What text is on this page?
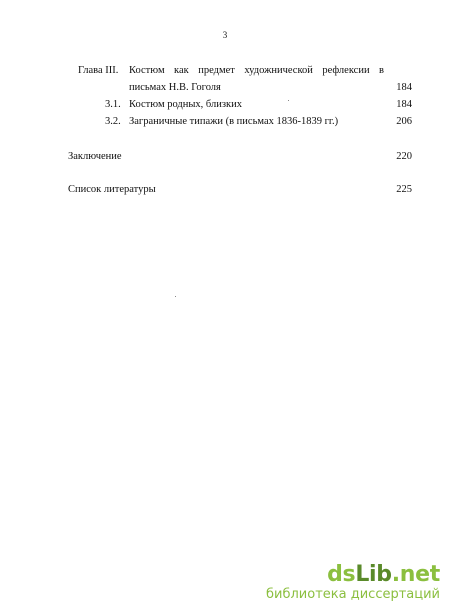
3
Глава III. Костюм как предмет художнической рефлексии в
письмах Н.В. Гоголя	184
3.1. Костюм родных, близких	184
3.2. Заграничные типажи (в письмах 1836-1839 гг.)	206
Заключение	220
Список литературы	225
dsLib.net
библиотека диссертаций
